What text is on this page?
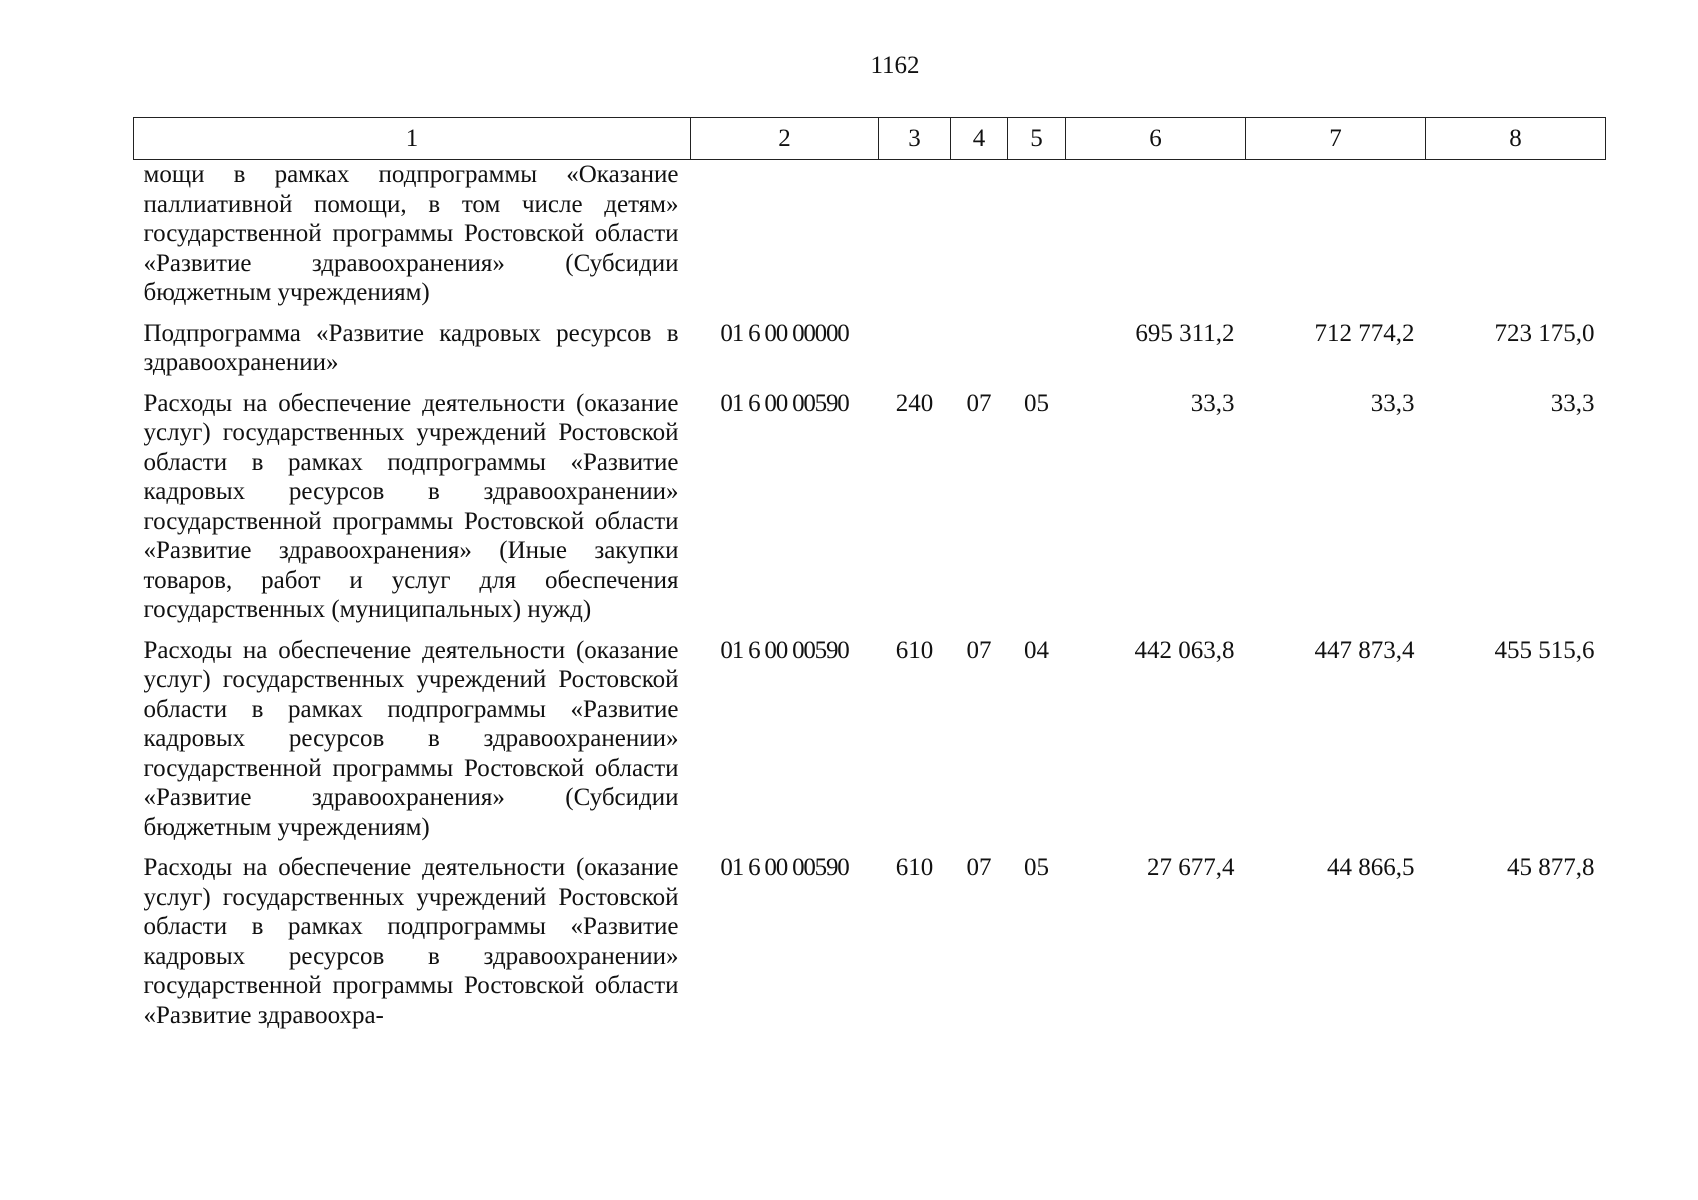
1162
1	2	3	4	5	6	7	8
мощи в рамках подпрограммы «Оказание паллиативной помощи, в том числе детям» государственной программы Ростовской области «Развитие здравоохранения» (Субсидии бюджетным учреждениям)							
Подпрограмма «Развитие кадровых ресурсов в здравоохранении»	01 6 00 00000				695 311,2	712 774,2	723 175,0
Расходы на обеспечение деятельности (оказание услуг) государственных учреждений Ростовской области в рамках подпрограммы «Развитие кадровых ресурсов в здравоохранении» государственной программы Ростовской области «Развитие здравоохранения» (Иные закупки товаров, работ и услуг для обеспечения государственных (муниципальных) нужд)	01 6 00 00590	240	07	05	33,3	33,3	33,3
Расходы на обеспечение деятельности (оказание услуг) государственных учреждений Ростовской области в рамках подпрограммы «Развитие кадровых ресурсов в здравоохранении» государственной программы Ростовской области «Развитие здравоохранения» (Субсидии бюджетным учреждениям)	01 6 00 00590	610	07	04	442 063,8	447 873,4	455 515,6
Расходы на обеспечение деятельности (оказание услуг) государственных учреждений Ростовской области в рамках подпрограммы «Развитие кадровых ресурсов в здравоохранении» государственной программы Ростовской области «Развитие здравоохра-	01 6 00 00590	610	07	05	27 677,4	44 866,5	45 877,8
